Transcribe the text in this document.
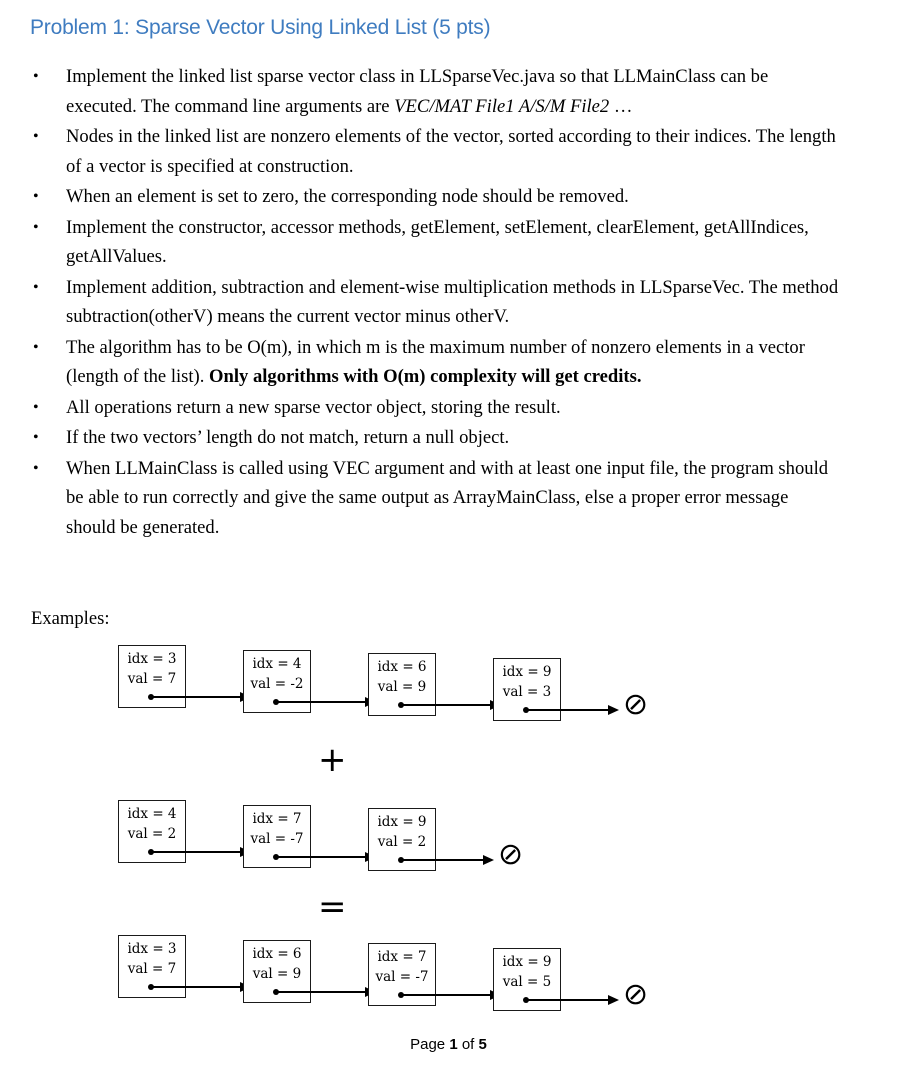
Problem 1: Sparse Vector Using Linked List (5 pts)
• Implement the linked list sparse vector class in LLSparseVec.java so that LLMainClass can be executed. The command line arguments are VEC/MAT File1 A/S/M File2 …
• Nodes in the linked list are nonzero elements of the vector, sorted according to their indices. The length of a vector is specified at construction.
• When an element is set to zero, the corresponding node should be removed.
• Implement the constructor, accessor methods, getElement, setElement, clearElement, getAllIndices, getAllValues.
• Implement addition, subtraction and element-wise multiplication methods in LLSparseVec. The method subtraction(otherV) means the current vector minus otherV.
• The algorithm has to be O(m), in which m is the maximum number of nonzero elements in a vector (length of the list). Only algorithms with O(m) complexity will get credits.
• All operations return a new sparse vector object, storing the result.
• If the two vectors’ length do not match, return a null object.
• When LLMainClass is called using VEC argument and with at least one input file, the program should be able to run correctly and give the same output as ArrayMainClass, else a proper error message should be generated.
Examples:
idx = 3
val = 7
idx = 4
val = -2
idx = 6
val = 9
idx = 9
val = 3 ⊘
idx = 4
val = 2
idx = 7
val = -7
idx = 9
val = 2 ⊘
idx = 3
val = 7
idx = 6
val = 9
idx = 7
val = -7
idx = 9
val = 5 ⊘
+
=
Page 1 of 5
